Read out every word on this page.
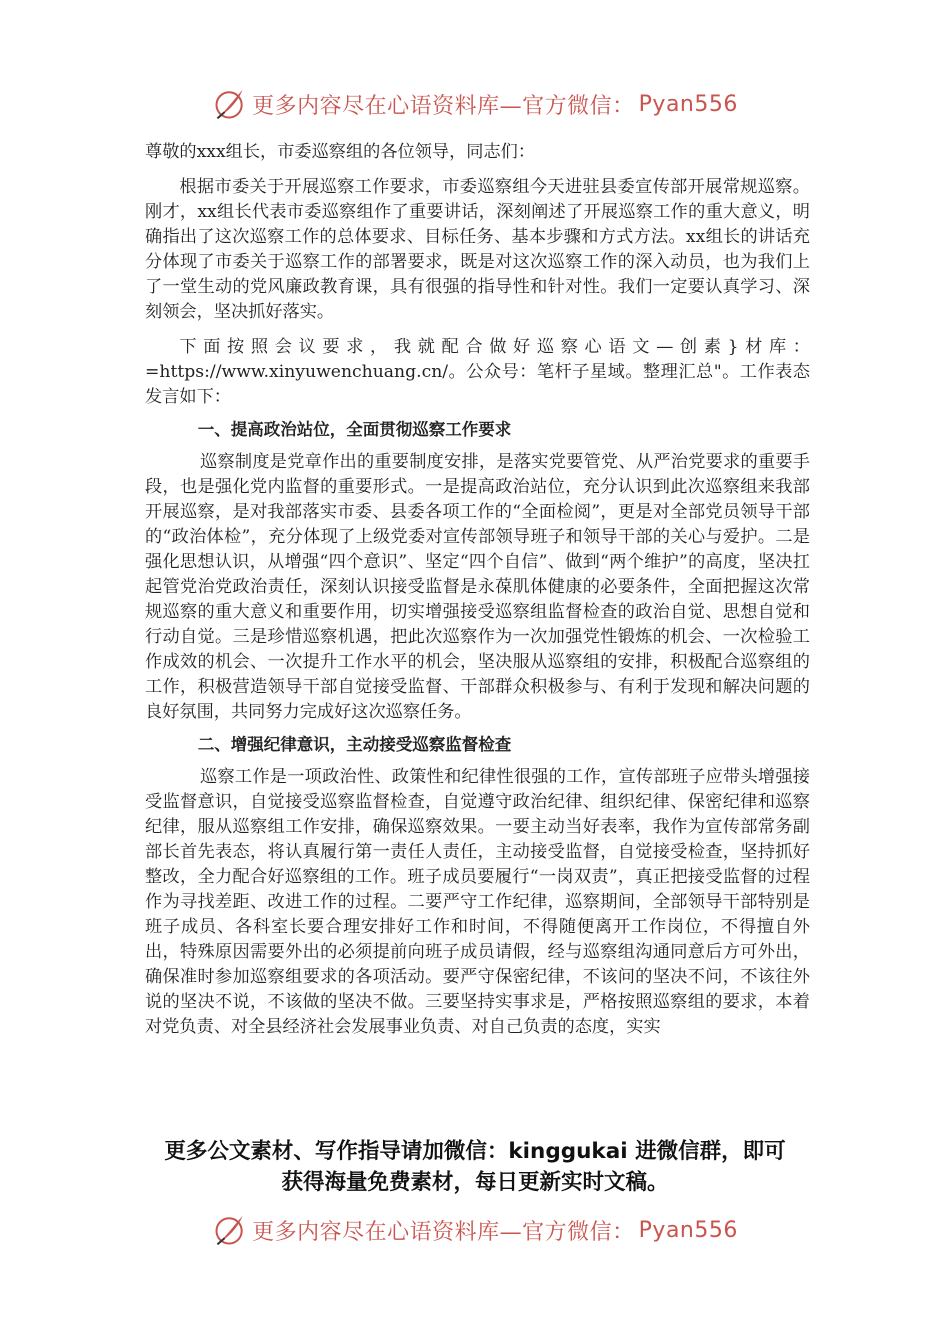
更多内容尽在心语资料库—官方微信： Pyan556

尊敬的xxx组长，市委巡察组的各位领导，同志们：

根据市委关于开展巡察工作要求，市委巡察组今天进驻县委宣传部开展常规巡察。刚才，xx组长代表市委巡察组作了重要讲话，深刻阐述了开展巡察工作的重大意义，明确指出了这次巡察工作的总体要求、目标任务、基本步骤和方式方法。xx组长的讲话充分体现了市委关于巡察工作的部署要求，既是对这次巡察工作的深入动员，也为我们上了一堂生动的党风廉政教育课，具有很强的指导性和针对性。我们一定要认真学习、深刻领会，坚决抓好落实。

下面按照会议要求，我就配合做好巡察心语文—创素}材库：=https://www.xinyuwenchuang.cn/。公众号：笔杆子星域。整理汇总"。工作表态发言如下：

一、提高政治站位，全面贯彻巡察工作要求

巡察制度是党章作出的重要制度安排，是落实党要管党、从严治党要求的重要手段，也是强化党内监督的重要形式。一是提高政治站位，充分认识到此次巡察组来我部开展巡察，是对我部落实市委、县委各项工作的“全面检阅”，更是对全部党员领导干部的“政治体检”，充分体现了上级党委对宣传部领导班子和领导干部的关心与爱护。二是强化思想认识，从增强“四个意识”、坚定“四个自信”、做到“两个维护”的高度，坚决扛起管党治党政治责任，深刻认识接受监督是永葆肌体健康的必要条件，全面把握这次常规巡察的重大意义和重要作用，切实增强接受巡察组监督检查的政治自觉、思想自觉和行动自觉。三是珍惜巡察机遇，把此次巡察作为一次加强党性锻炼的机会、一次检验工作成效的机会、一次提升工作水平的机会，坚决服从巡察组的安排，积极配合巡察组的工作，积极营造领导干部自觉接受监督、干部群众积极参与、有利于发现和解决问题的良好氛围，共同努力完成好这次巡察任务。

二、增强纪律意识，主动接受巡察监督检查

巡察工作是一项政治性、政策性和纪律性很强的工作，宣传部班子应带头增强接受监督意识，自觉接受巡察监督检查，自觉遵守政治纪律、组织纪律、保密纪律和巡察纪律，服从巡察组工作安排，确保巡察效果。一要主动当好表率，我作为宣传部常务副部长首先表态，将认真履行第一责任人责任，主动接受监督，自觉接受检查，坚持抓好整改，全力配合好巡察组的工作。班子成员要履行“一岗双责”，真正把接受监督的过程作为寻找差距、改进工作的过程。二要严守工作纪律，巡察期间，全部领导干部特别是班子成员、各科室长要合理安排好工作和时间，不得随便离开工作岗位，不得擅自外出，特殊原因需要外出的必须提前向班子成员请假，经与巡察组沟通同意后方可外出，确保准时参加巡察组要求的各项活动。要严守保密纪律，不该问的坚决不问，不该往外说的坚决不说，不该做的坚决不做。三要坚持实事求是，严格按照巡察组的要求，本着对党负责、对全县经济社会发展事业负责、对自己负责的态度，实实

更多公文素材、写作指导请加微信：kinggukai 进微信群，即可
获得海量免费素材，每日更新实时文稿。
更多内容尽在心语资料库—官方微信： Pyan556
